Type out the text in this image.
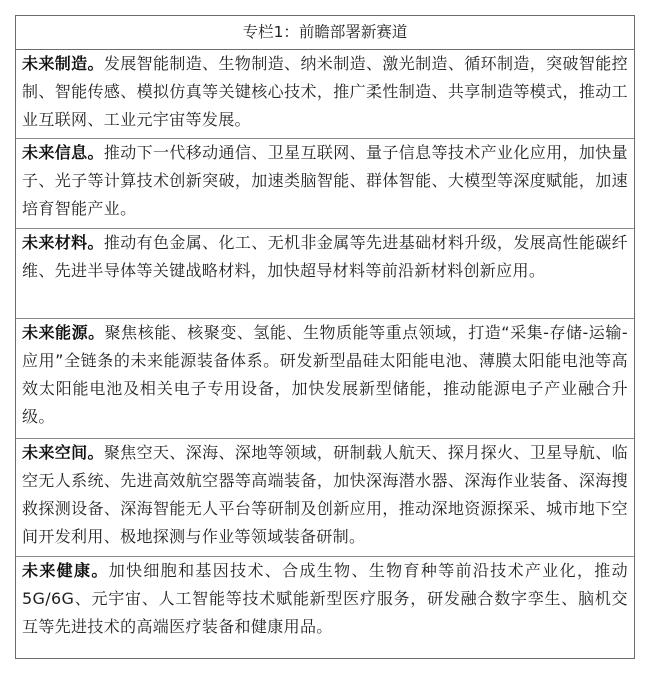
专栏1：前瞻部署新赛道
未来制造。发展智能制造、生物制造、纳米制造、激光制造、循环制造，突破智能控制、智能传感、模拟仿真等关键核心技术，推广柔性制造、共享制造等模式，推动工业互联网、工业元宇宙等发展。
未来信息。推动下一代移动通信、卫星互联网、量子信息等技术产业化应用，加快量子、光子等计算技术创新突破，加速类脑智能、群体智能、大模型等深度赋能，加速培育智能产业。
未来材料。推动有色金属、化工、无机非金属等先进基础材料升级，发展高性能碳纤维、先进半导体等关键战略材料，加快超导材料等前沿新材料创新应用。
未来能源。聚焦核能、核聚变、氢能、生物质能等重点领域，打造“采集-存储-运输-应用”全链条的未来能源装备体系。研发新型晶硅太阳能电池、薄膜太阳能电池等高效太阳能电池及相关电子专用设备，加快发展新型储能，推动能源电子产业融合升级。
未来空间。聚焦空天、深海、深地等领域，研制载人航天、探月探火、卫星导航、临空无人系统、先进高效航空器等高端装备，加快深海潜水器、深海作业装备、深海搜救探测设备、深海智能无人平台等研制及创新应用，推动深地资源探采、城市地下空间开发利用、极地探测与作业等领域装备研制。
未来健康。加快细胞和基因技术、合成生物、生物育种等前沿技术产业化，推动5G/6G、元宇宙、人工智能等技术赋能新型医疗服务，研发融合数字孪生、脑机交互等先进技术的高端医疗装备和健康用品。
